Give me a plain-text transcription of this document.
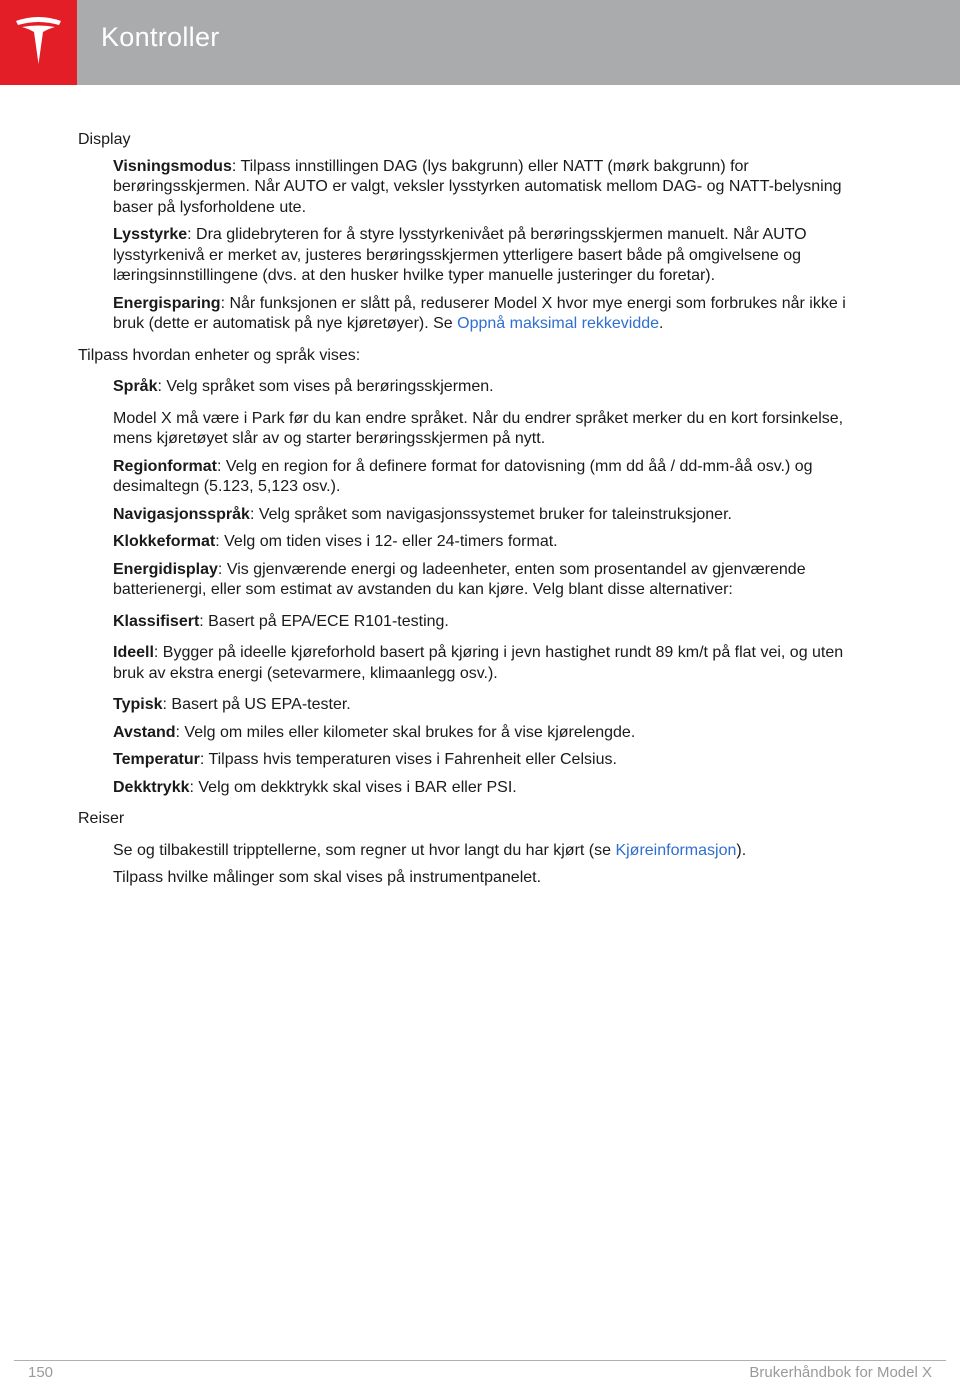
Kontroller
Display
Visningsmodus: Tilpass innstillingen DAG (lys bakgrunn) eller NATT (mørk bakgrunn) for berøringsskjermen. Når AUTO er valgt, veksler lysstyrken automatisk mellom DAG- og NATT-belysning baser på lysforholdene ute.
Lysstyrke: Dra glidebryteren for å styre lysstyrkenivået på berøringsskjermen manuelt. Når AUTO lysstyrkenivå er merket av, justeres berøringsskjermen ytterligere basert både på omgivelsene og læringsinnstillingene (dvs. at den husker hvilke typer manuelle justeringer du foretar).
Energisparing: Når funksjonen er slått på, reduserer Model X hvor mye energi som forbrukes når ikke i bruk (dette er automatisk på nye kjøretøyer). Se Oppnå maksimal rekkevidde.
Tilpass hvordan enheter og språk vises:
Språk: Velg språket som vises på berøringsskjermen.
Model X må være i Park før du kan endre språket. Når du endrer språket merker du en kort forsinkelse, mens kjøretøyet slår av og starter berøringsskjermen på nytt.
Regionformat: Velg en region for å definere format for datovisning (mm dd åå / dd-mm-åå osv.) og desimaltegn (5.123, 5,123 osv.).
Navigasjonsspråk: Velg språket som navigasjonssystemet bruker for taleinstruksjoner.
Klokkeformat: Velg om tiden vises i 12- eller 24-timers format.
Energidisplay: Vis gjenværende energi og ladeenheter, enten som prosentandel av gjenværende batterienergi, eller som estimat av avstanden du kan kjøre. Velg blant disse alternativer:
Klassifisert: Basert på EPA/ECE R101-testing.
Ideell: Bygger på ideelle kjøreforhold basert på kjøring i jevn hastighet rundt 89 km/t på flat vei, og uten bruk av ekstra energi (setevarmere, klimaanlegg osv.).
Typisk: Basert på US EPA-tester.
Avstand: Velg om miles eller kilometer skal brukes for å vise kjørelengde.
Temperatur: Tilpass hvis temperaturen vises i Fahrenheit eller Celsius.
Dekktrykk: Velg om dekktrykk skal vises i BAR eller PSI.
Reiser
Se og tilbakestill tripptellerne, som regner ut hvor langt du har kjørt (se Kjøreinformasjon).
Tilpass hvilke målinger som skal vises på instrumentpanelet.
150	Brukerhåndbok for Model X
